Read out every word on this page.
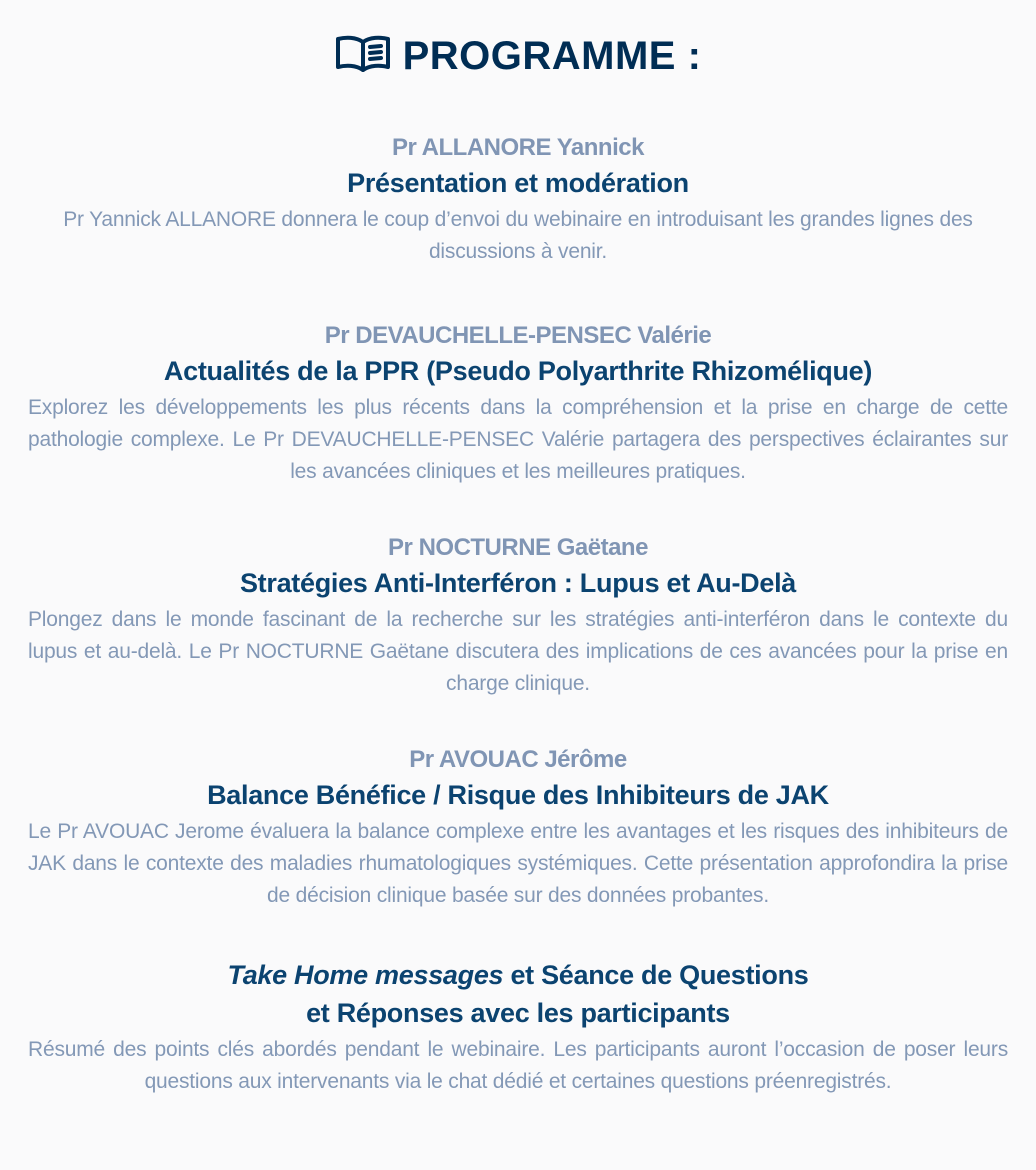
PROGRAMME :
Pr ALLANORE Yannick
Présentation et modération
Pr Yannick ALLANORE donnera le coup d’envoi du webinaire en introduisant les grandes lignes des discussions à venir.
Pr DEVAUCHELLE-PENSEC Valérie
Actualités de la PPR (Pseudo Polyarthrite Rhizomélique)
Explorez les développements les plus récents dans la compréhension et la prise en charge de cette pathologie complexe. Le Pr DEVAUCHELLE-PENSEC Valérie partagera des perspectives éclairantes sur les avancées cliniques et les meilleures pratiques.
Pr NOCTURNE Gaëtane
Stratégies Anti-Interféron : Lupus et Au-Delà
Plongez dans le monde fascinant de la recherche sur les stratégies anti-interféron dans le contexte du lupus et au-delà. Le Pr NOCTURNE Gaëtane discutera des implications de ces avancées pour la prise en charge clinique.
Pr AVOUAC Jérôme
Balance Bénéfice / Risque des Inhibiteurs de JAK
Le Pr AVOUAC Jerome évaluera la balance complexe entre les avantages et les risques des inhibiteurs de JAK dans le contexte des maladies rhumatologiques systémiques. Cette présentation approfondira la prise de décision clinique basée sur des données probantes.
Take Home messages et Séance de Questions
et Réponses avec les participants
Résumé des points clés abordés pendant le webinaire. Les participants auront l’occasion de poser leurs questions aux intervenants via le chat dédié et certaines questions préenregistrés.
